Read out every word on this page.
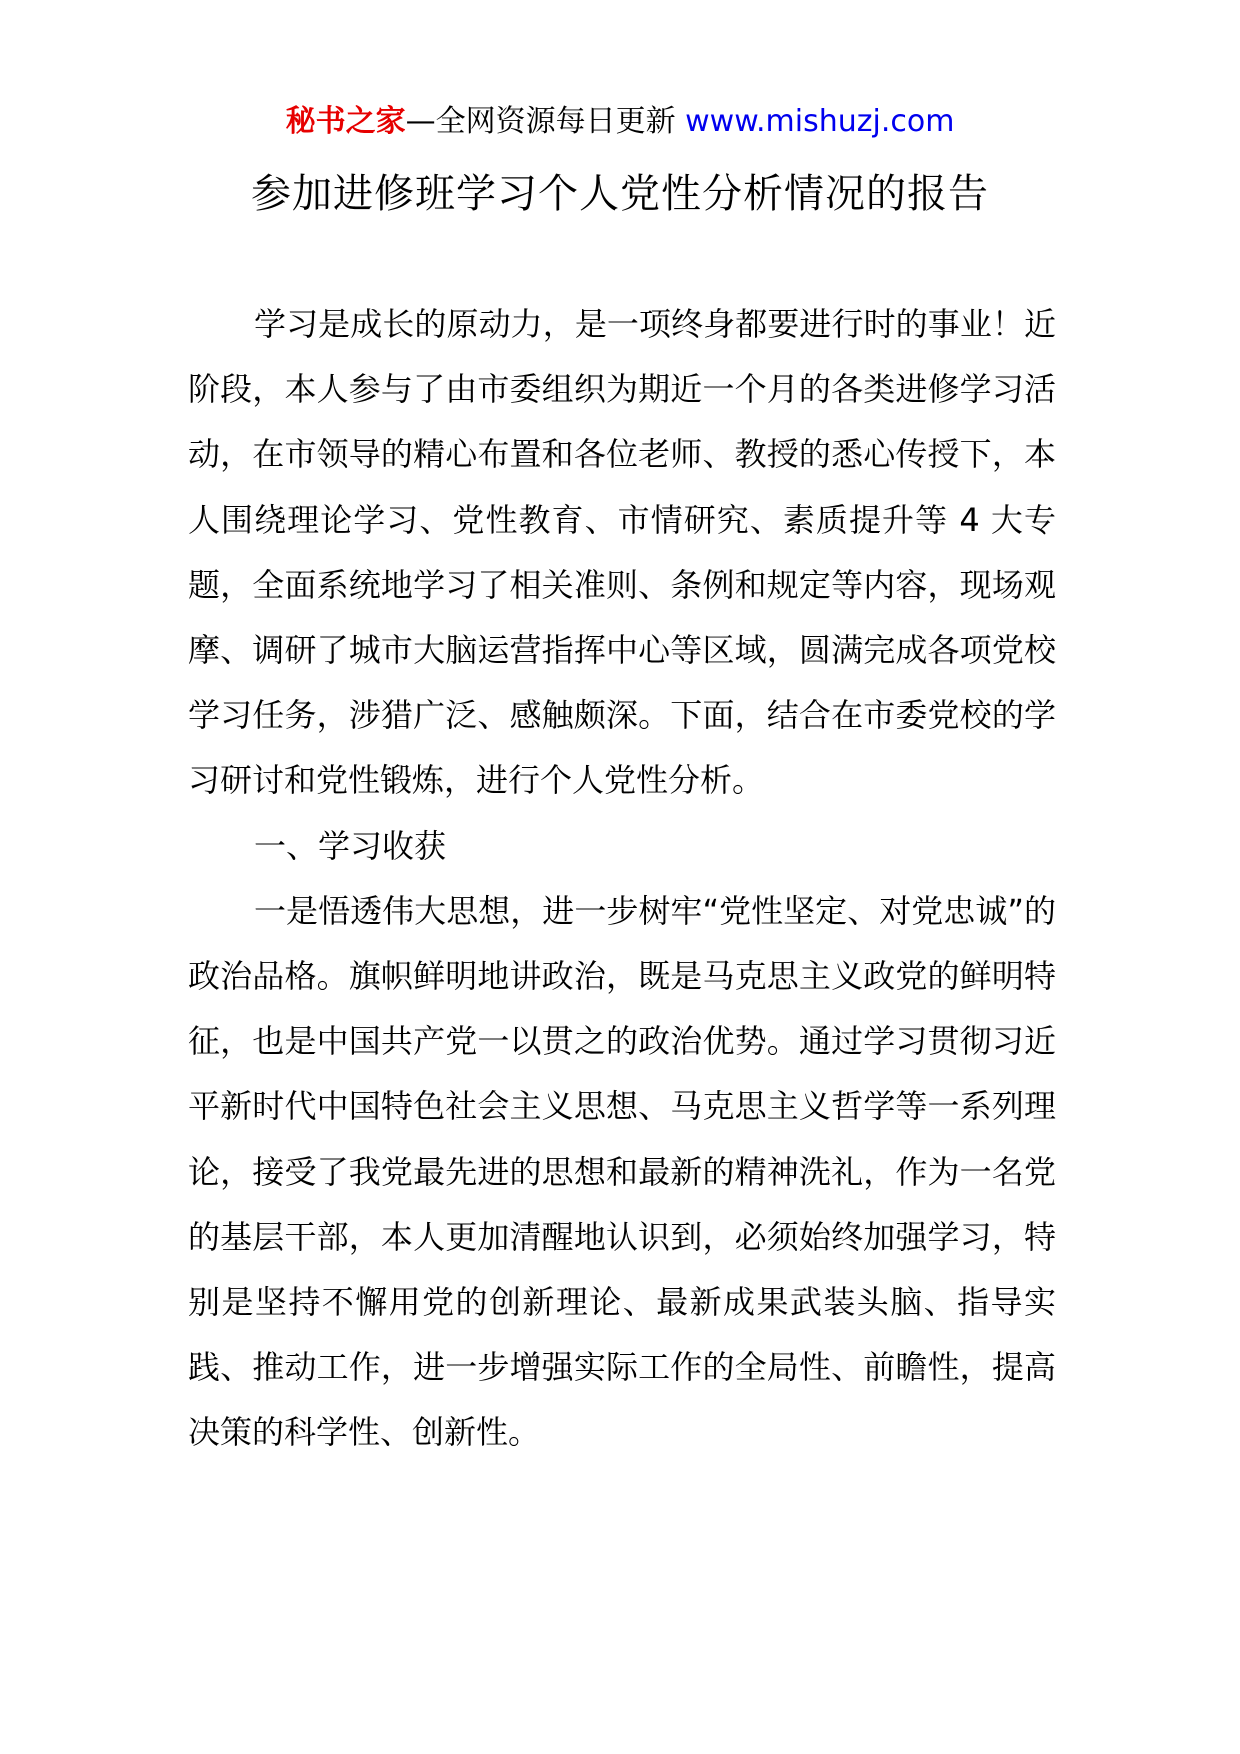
秘书之家—全网资源每日更新 www.mishuzj.com
参加进修班学习个人党性分析情况的报告

学习是成长的原动力，是一项终身都要进行时的事业！近阶段，本人参与了由市委组织为期近一个月的各类进修学习活动，在市领导的精心布置和各位老师、教授的悉心传授下，本人围绕理论学习、党性教育、市情研究、素质提升等 4 大专题，全面系统地学习了相关准则、条例和规定等内容，现场观摩、调研了城市大脑运营指挥中心等区域，圆满完成各项党校学习任务，涉猎广泛、感触颇深。下面，结合在市委党校的学习研讨和党性锻炼，进行个人党性分析。

一、学习收获

一是悟透伟大思想，进一步树牢“党性坚定、对党忠诚”的政治品格。旗帜鲜明地讲政治，既是马克思主义政党的鲜明特征，也是中国共产党一以贯之的政治优势。通过学习贯彻习近平新时代中国特色社会主义思想、马克思主义哲学等一系列理论，接受了我党最先进的思想和最新的精神洗礼，作为一名党的基层干部，本人更加清醒地认识到，必须始终加强学习，特别是坚持不懈用党的创新理论、最新成果武装头脑、指导实践、推动工作，进一步增强实际工作的全局性、前瞻性，提高决策的科学性、创新性。
